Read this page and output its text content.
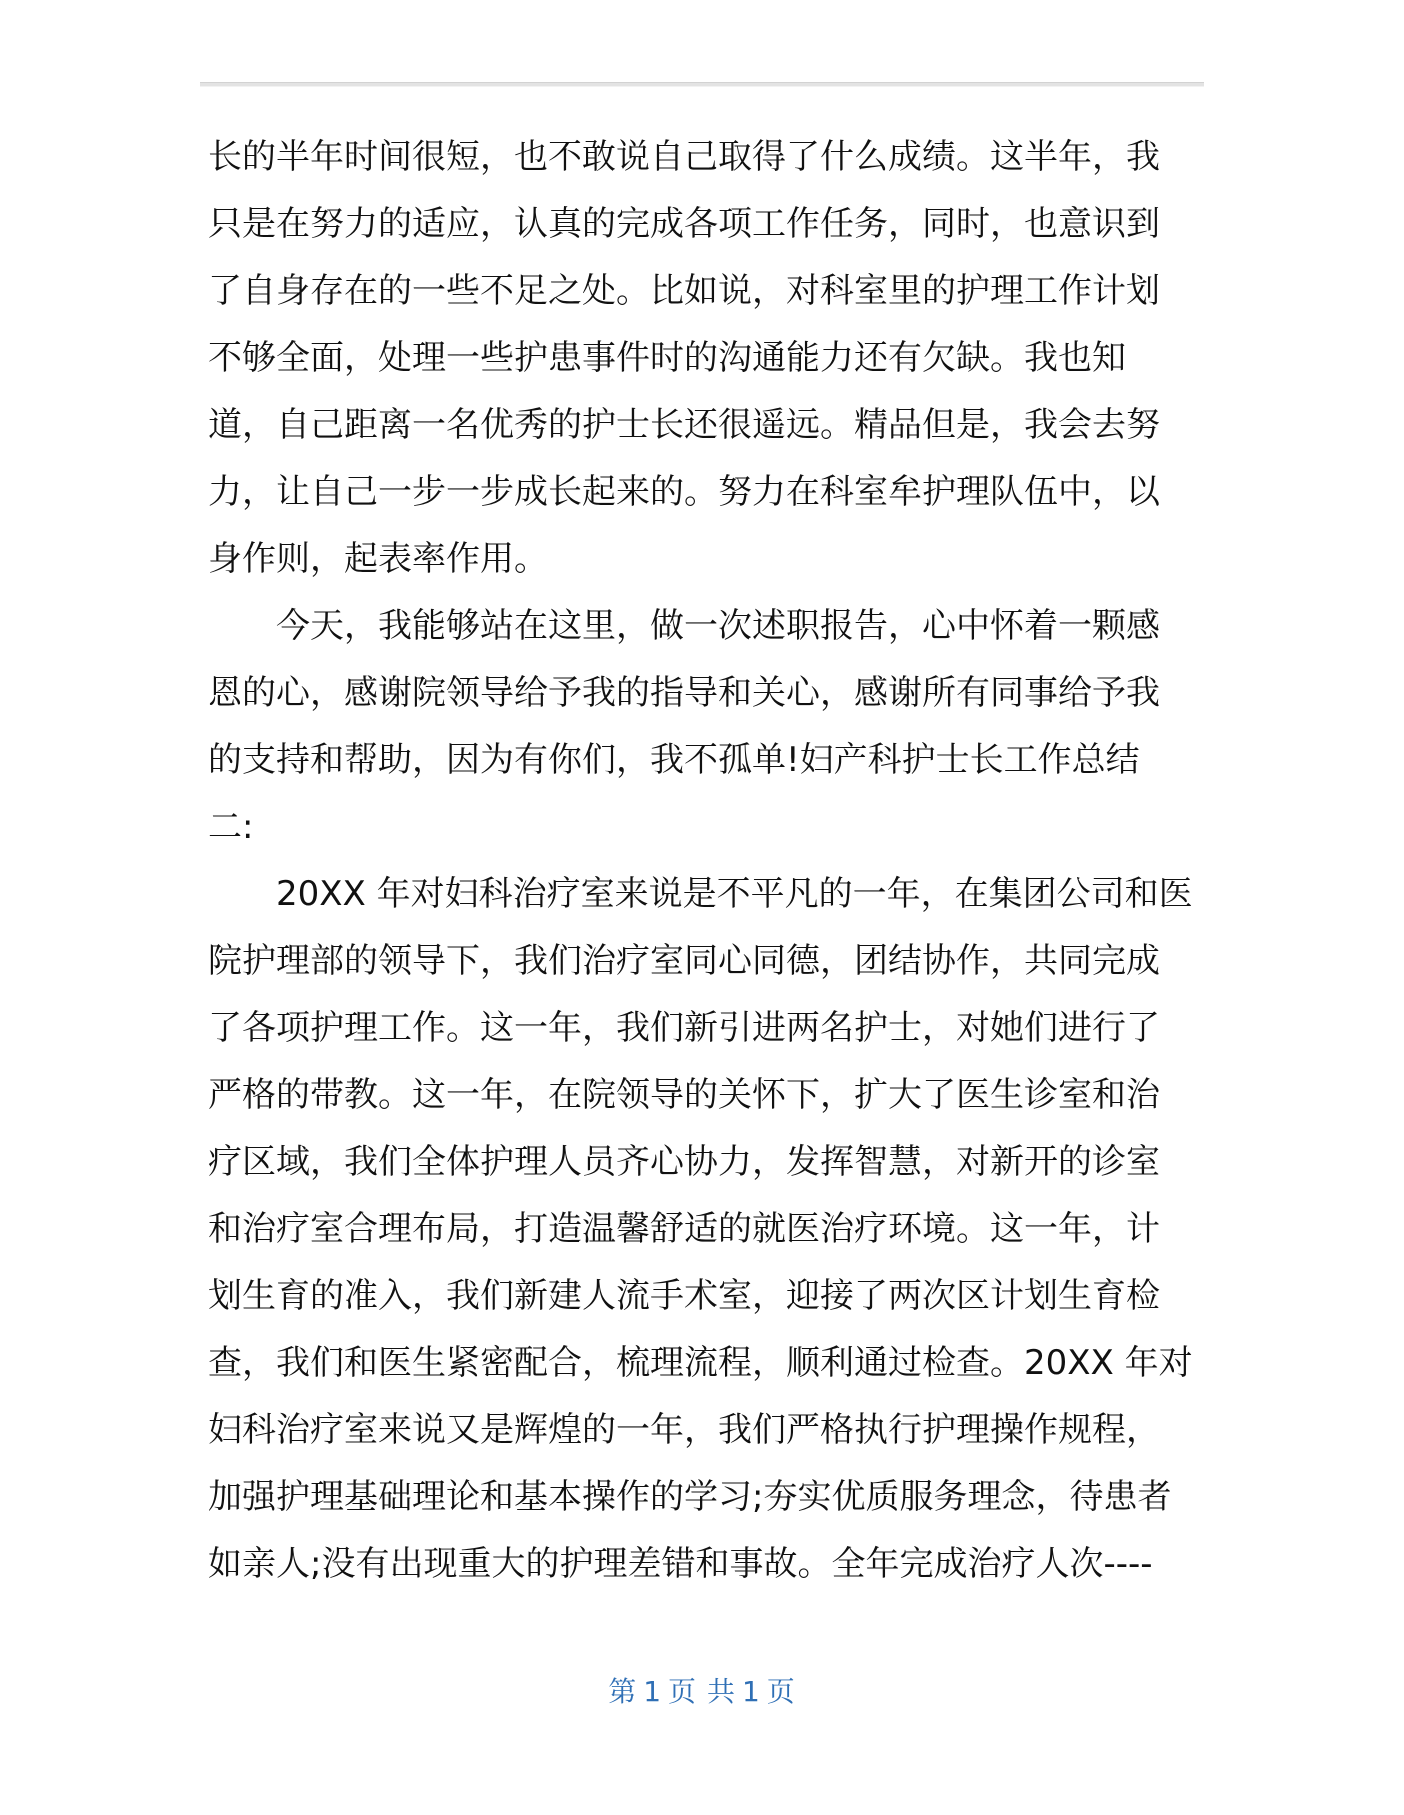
长的半年时间很短，也不敢说自己取得了什么成绩。这半年，我
只是在努力的适应，认真的完成各项工作任务，同时，也意识到
了自身存在的一些不足之处。比如说，对科室里的护理工作计划
不够全面，处理一些护患事件时的沟通能力还有欠缺。我也知
道，自己距离一名优秀的护士长还很遥远。精品但是，我会去努
力，让自己一步一步成长起来的。努力在科室牟护理队伍中，以
身作则，起表率作用。
今天，我能够站在这里，做一次述职报告，心中怀着一颗感
恩的心，感谢院领导给予我的指导和关心，感谢所有同事给予我
的支持和帮助，因为有你们，我不孤单!妇产科护士长工作总结
二:
20XX 年对妇科治疗室来说是不平凡的一年，在集团公司和医
院护理部的领导下，我们治疗室同心同德，团结协作，共同完成
了各项护理工作。这一年，我们新引进两名护士，对她们进行了
严格的带教。这一年，在院领导的关怀下，扩大了医生诊室和治
疗区域，我们全体护理人员齐心协力，发挥智慧，对新开的诊室
和治疗室合理布局，打造温馨舒适的就医治疗环境。这一年，计
划生育的准入，我们新建人流手术室，迎接了两次区计划生育检
查，我们和医生紧密配合，梳理流程，顺利通过检查。20XX 年对
妇科治疗室来说又是辉煌的一年，我们严格执行护理操作规程，
加强护理基础理论和基本操作的学习;夯实优质服务理念，待患者
如亲人;没有出现重大的护理差错和事故。全年完成治疗人次----
第 1 页 共 1 页
